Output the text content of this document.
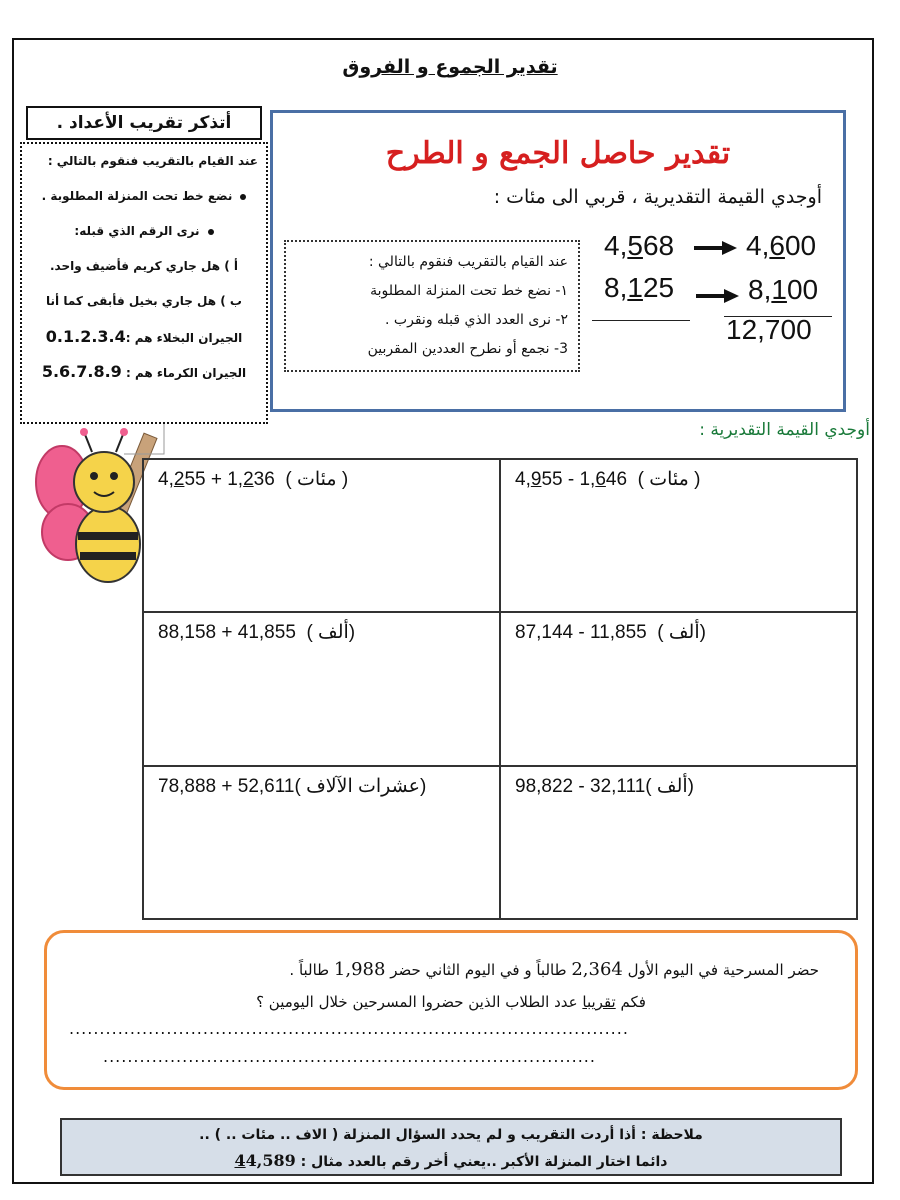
تقدير الجموع و الفروق
أتذكر تقريب الأعداد .
عند القيام بالتقريب فنقوم بالتالي :
نضع خط تحت المنزلة المطلوبة .
نرى الرقم الذي قبله:
أ ) هل جاري كريم فأضيف واحد.
ب ) هل جاري بخيل فأبقى كما أنا
الجيران البخلاء هم :0.1.2.3.4
الجيران الكرماء هم : 5.6.7.8.9
تقدير حاصل الجمع و الطرح
أوجدي القيمة التقديرية ، قربي الى مئات :
عند القيام بالتقريب فنقوم بالتالي :
١- نضع خط تحت المنزلة المطلوبة
٢- نرى العدد الذي قبله ونقرب .
3- نجمع أو نطرح العددين المقربين
4,568	4,600
8,125	8,100
12,700
أوجدي القيمة التقديرية :
4,255 + 1,236 ( مئات )	4,955 - 1,646 ( مئات )

88,158 + 41,855 (ألف )	87,144 - 11,855 (ألف )

78,888 + 52,611(عشرات الآلاف )	98,822 - 32,111(ألف )
حضر المسرحية في اليوم الأول 2,364 طالباً و في اليوم الثاني حضر 1,988 طالباً .
فكم تقريبا عدد الطلاب الذين حضروا المسرحين خلال اليومين ؟
............................................................................................
.................................................................................
ملاحظة : أذا أردت التقريب و لم يحدد السؤال المنزلة ( الاف .. مئات .. ) ..
دائما اختار المنزلة الأكبر ..يعني أخر رقم بالعدد مثال : 44,589
